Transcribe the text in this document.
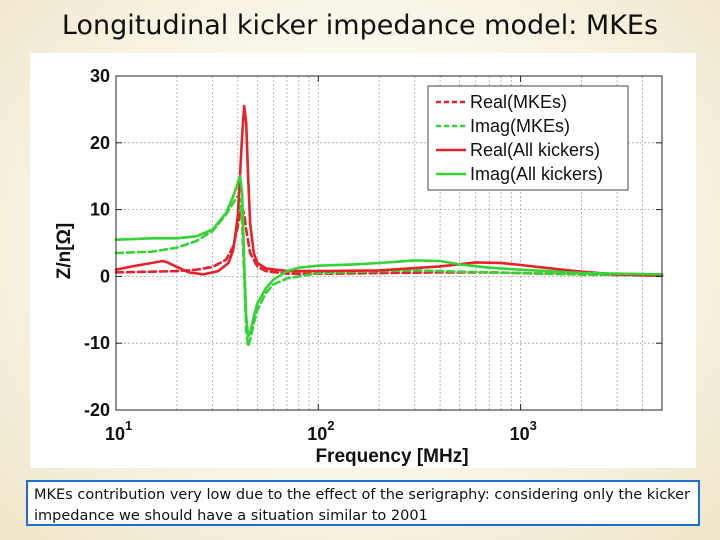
Longitudinal kicker impedance model: MKEs
-20
-10
0
10
20
30
10 1	10 2	10 3
Frequency [MHz]
Z/n[Ω]
Real(MKEs)
Imag(MKEs)
Real(All kickers)
Imag(All kickers)
MKEs contribution very low due to the effect of the serigraphy: considering only the kicker impedance we should have a situation similar to 2001
